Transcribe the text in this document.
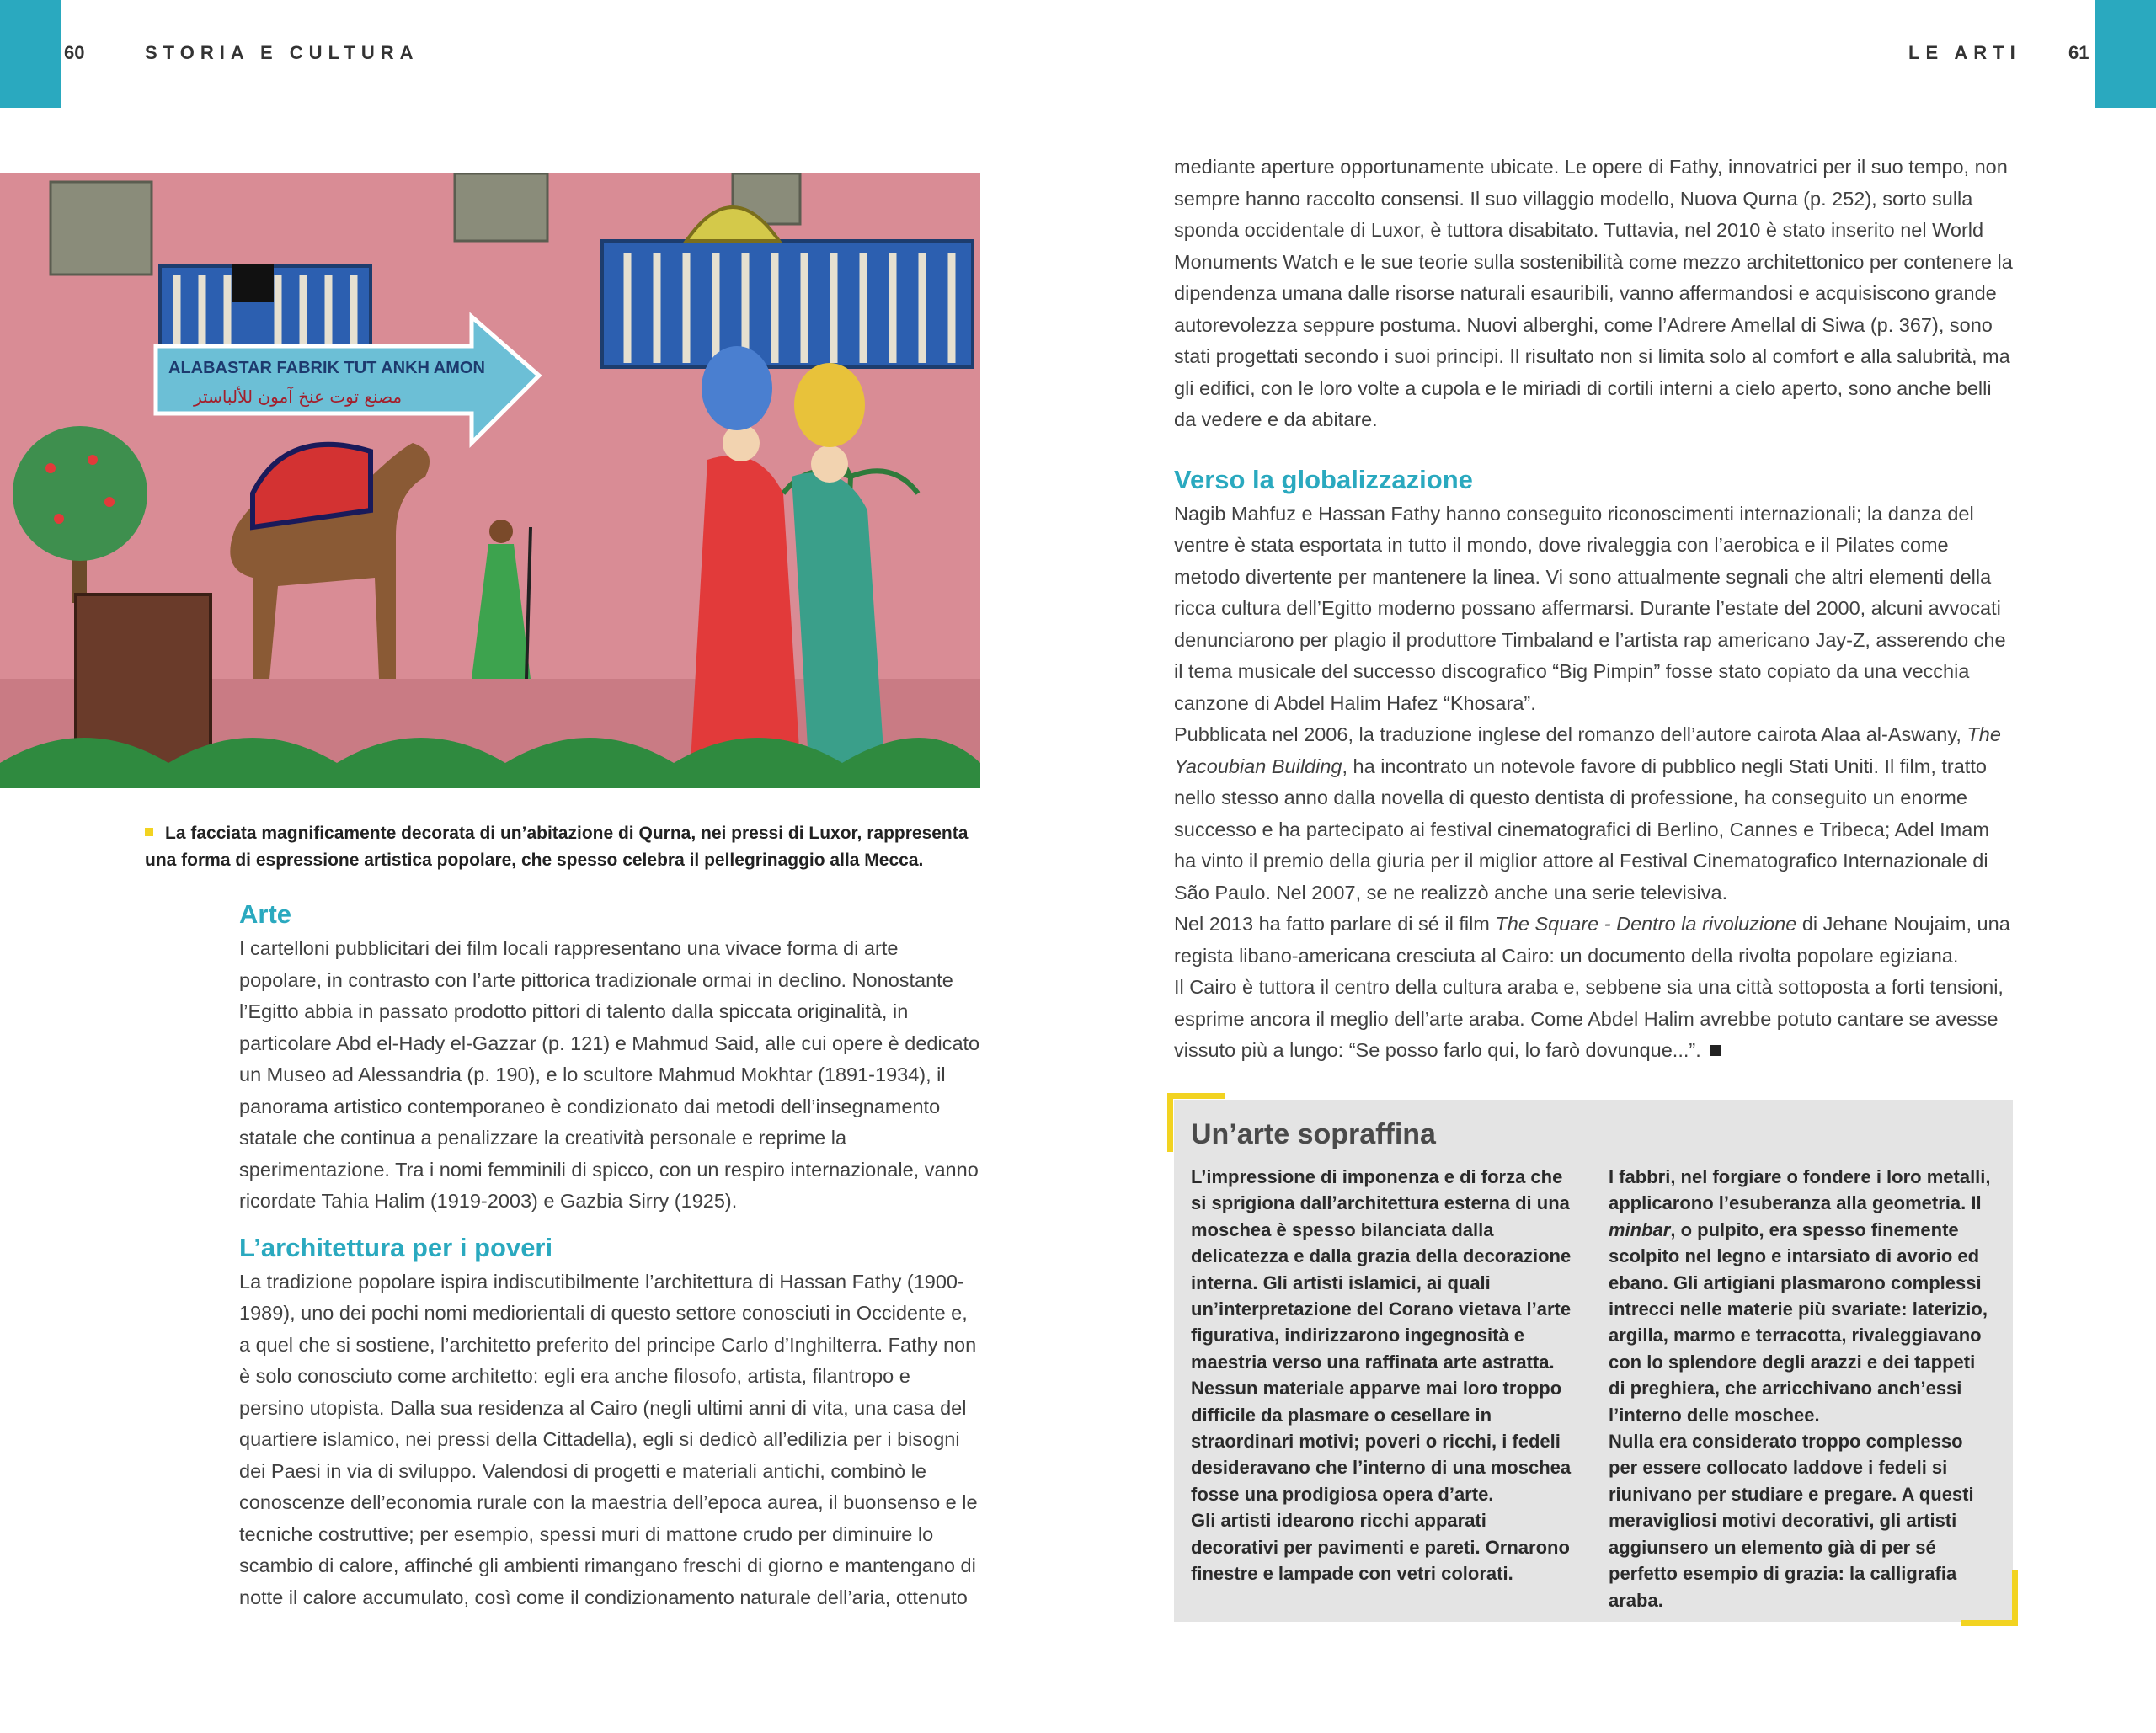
60	STORIA E CULTURA	LE ARTI	61
ALABASTAR FABRIK TUT ANKH AMON
مصنع توت عنخ آمون للألباستر
La facciata magnificamente decorata di un’abitazione di Qurna, nei pressi di Luxor, rappresenta una forma di espressione artistica popolare, che spesso celebra il pellegrinaggio alla Mecca.
Arte

I cartelloni pubblicitari dei film locali rappresentano una vivace forma di arte popolare, in contrasto con l’arte pittorica tradizionale ormai in declino. Nonostante l’Egitto abbia in passato prodotto pittori di talento dalla spiccata originalità, in particolare Abd el-Hady el-Gazzar (p. 121) e Mahmud Said, alle cui opere è dedicato un Museo ad Alessandria (p. 190), e lo scultore Mahmud Mokhtar (1891-1934), il panorama artistico contemporaneo è condizionato dai metodi dell’insegnamento statale che continua a penalizzare la creatività personale e reprime la sperimentazione. Tra i nomi femminili di spicco, con un respiro internazionale, vanno ricordate Tahia Halim (1919-2003) e Gazbia Sirry (1925).

L’architettura per i poveri

La tradizione popolare ispira indiscutibilmente l’architettura di Hassan Fathy (1900-1989), uno dei pochi nomi mediorientali di questo settore conosciuti in Occidente e, a quel che si sostiene, l’architetto preferito del principe Carlo d’Inghilterra. Fathy non è solo conosciuto come architetto: egli era anche filosofo, artista, filantropo e persino utopista. Dalla sua residenza al Cairo (negli ultimi anni di vita, una casa del quartiere islamico, nei pressi della Cittadella), egli si dedicò all’edilizia per i bisogni dei Paesi in via di sviluppo. Valendosi di progetti e materiali antichi, combinò le conoscenze dell’economia rurale con la maestria dell’epoca aurea, il buonsenso e le tecniche costruttive; per esempio, spessi muri di mattone crudo per diminuire lo scambio di calore, affinché gli ambienti rimangano freschi di giorno e mantengano di notte il calore accumulato, così come il condizionamento naturale dell’aria, ottenuto

mediante aperture opportunamente ubicate. Le opere di Fathy, innovatrici per il suo tempo, non sempre hanno raccolto consensi. Il suo villaggio modello, Nuova Qurna (p. 252), sorto sulla sponda occidentale di Luxor, è tuttora disabitato. Tuttavia, nel 2010 è stato inserito nel World Monuments Watch e le sue teorie sulla sostenibilità come mezzo architettonico per contenere la dipendenza umana dalle risorse naturali esauribili, vanno affermandosi e acquisiscono grande autorevolezza seppure postuma. Nuovi alberghi, come l’Adrere Amellal di Siwa (p. 367), sono stati progettati secondo i suoi principi. Il risultato non si limita solo al comfort e alla salubrità, ma gli edifici, con le loro volte a cupola e le miriadi di cortili interni a cielo aperto, sono anche belli da vedere e da abitare.

Verso la globalizzazione

Nagib Mahfuz e Hassan Fathy hanno conseguito riconoscimenti internazionali; la danza del ventre è stata esportata in tutto il mondo, dove rivaleggia con l’aerobica e il Pilates come metodo divertente per mantenere la linea. Vi sono attualmente segnali che altri elementi della ricca cultura dell’Egitto moderno possano affermarsi. Durante l’estate del 2000, alcuni avvocati denunciarono per plagio il produttore Timbaland e l’artista rap americano Jay-Z, asserendo che il tema musicale del successo discografico “Big Pimpin” fosse stato copiato da una vecchia canzone di Abdel Halim Hafez “Khosara”.

Pubblicata nel 2006, la traduzione inglese del romanzo dell’autore cairota Alaa al-Aswany, The Yacoubian Building, ha incontrato un notevole favore di pubblico negli Stati Uniti. Il film, tratto nello stesso anno dalla novella di questo dentista di professione, ha conseguito un enorme successo e ha partecipato ai festival cinematografici di Berlino, Cannes e Tribeca; Adel Imam ha vinto il premio della giuria per il miglior attore al Festival Cinematografico Internazionale di São Paulo. Nel 2007, se ne realizzò anche una serie televisiva.

Nel 2013 ha fatto parlare di sé il film The Square - Dentro la rivoluzione di Jehane Noujaim, una regista libano-americana cresciuta al Cairo: un documento della rivolta popolare egiziana.

Il Cairo è tuttora il centro della cultura araba e, sebbene sia una città sottoposta a forti tensioni, esprime ancora il meglio dell’arte araba. Come Abdel Halim avrebbe potuto cantare se avesse vissuto più a lungo: “Se posso farlo qui, lo farò dovunque...”.

Un’arte sopraffina

L’impressione di imponenza e di forza che si sprigiona dall’architettura esterna di una moschea è spesso bilanciata dalla delicatezza e dalla grazia della decorazione interna. Gli artisti islamici, ai quali un’interpretazione del Corano vietava l’arte figurativa, indirizzarono ingegnosità e maestria verso una raffinata arte astratta. Nessun materiale apparve mai loro troppo difficile da plasmare o cesellare in straordinari motivi; poveri o ricchi, i fedeli desideravano che l’interno di una moschea fosse una prodigiosa opera d’arte.

Gli artisti idearono ricchi apparati decorativi per pavimenti e pareti. Ornarono finestre e lampade con vetri colorati.

I fabbri, nel forgiare o fondere i loro metalli, applicarono l’esuberanza alla geometria. Il minbar, o pulpito, era spesso finemente scolpito nel legno e intarsiato di avorio ed ebano. Gli artigiani plasmarono complessi intrecci nelle materie più svariate: laterizio, argilla, marmo e terracotta, rivaleggiavano con lo splendore degli arazzi e dei tappeti di preghiera, che arricchivano anch’essi l’interno delle moschee.

Nulla era considerato troppo complesso per essere collocato laddove i fedeli si riunivano per studiare e pregare. A questi meravigliosi motivi decorativi, gli artisti aggiunsero un elemento già di per sé perfetto esempio di grazia: la calligrafia araba.
